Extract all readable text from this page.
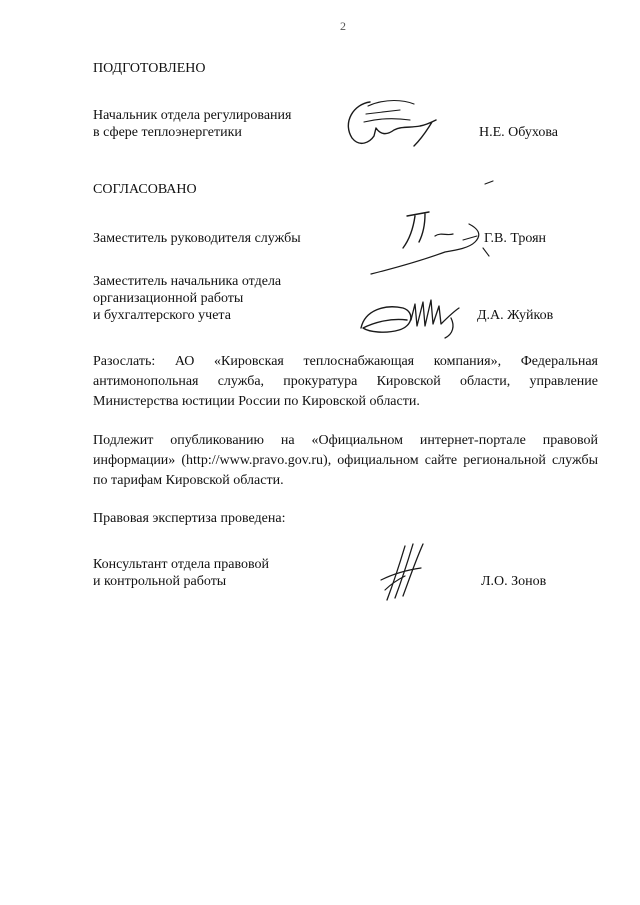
2
ПОДГОТОВЛЕНО
Начальник отдела регулирования
в сфере теплоэнергетики	Н.Е. Обухова
СОГЛАСОВАНО
Заместитель руководителя службы	Г.В. Троян
Заместитель начальника отдела
организационной работы
и бухгалтерского учета	Д.А. Жуйков

Разослать: АО «Кировская теплоснабжающая компания», Федеральная антимонопольная служба, прокуратура Кировской области, управление Министерства юстиции России по Кировской области.

Подлежит опубликованию на «Официальном интернет-портале правовой информации» (http://www.pravo.gov.ru), официальном сайте региональной службы по тарифам Кировской области.

Правовая экспертиза проведена:
Консультант отдела правовой
и контрольной работы	Л.О. Зонов
